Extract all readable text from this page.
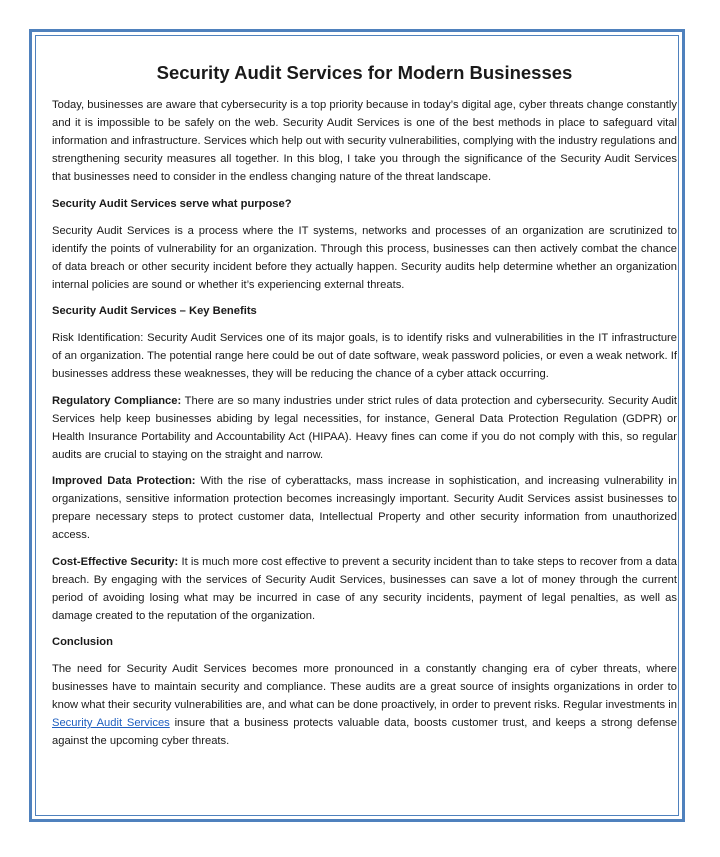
Security Audit Services for Modern Businesses

Today, businesses are aware that cybersecurity is a top priority because in today’s digital age, cyber threats change constantly and it is impossible to be safely on the web. Security Audit Services is one of the best methods in place to safeguard vital information and infrastructure. Services which help out with security vulnerabilities, complying with the industry regulations and strengthening security measures all together. In this blog, I take you through the significance of the Security Audit Services that businesses need to consider in the endless changing nature of the threat landscape.

Security Audit Services serve what purpose?

Security Audit Services is a process where the IT systems, networks and processes of an organization are scrutinized to identify the points of vulnerability for an organization. Through this process, businesses can then actively combat the chance of data breach or other security incident before they actually happen. Security audits help determine whether an organization internal policies are sound or whether it’s experiencing external threats.

Security Audit Services – Key Benefits

Risk Identification: Security Audit Services one of its major goals, is to identify risks and vulnerabilities in the IT infrastructure of an organization. The potential range here could be out of date software, weak password policies, or even a weak network. If businesses address these weaknesses, they will be reducing the chance of a cyber attack occurring.

Regulatory Compliance: There are so many industries under strict rules of data protection and cybersecurity. Security Audit Services help keep businesses abiding by legal necessities, for instance, General Data Protection Regulation (GDPR) or Health Insurance Portability and Accountability Act (HIPAA). Heavy fines can come if you do not comply with this, so regular audits are crucial to staying on the straight and narrow.

Improved Data Protection: With the rise of cyberattacks, mass increase in sophistication, and increasing vulnerability in organizations, sensitive information protection becomes increasingly important. Security Audit Services assist businesses to prepare necessary steps to protect customer data, Intellectual Property and other security information from unauthorized access.

Cost-Effective Security: It is much more cost effective to prevent a security incident than to take steps to recover from a data breach. By engaging with the services of Security Audit Services, businesses can save a lot of money through the current period of avoiding losing what may be incurred in case of any security incidents, payment of legal penalties, as well as damage created to the reputation of the organization.

Conclusion

The need for Security Audit Services becomes more pronounced in a constantly changing era of cyber threats, where businesses have to maintain security and compliance. These audits are a great source of insights organizations in order to know what their security vulnerabilities are, and what can be done proactively, in order to prevent risks. Regular investments in Security Audit Services insure that a business protects valuable data, boosts customer trust, and keeps a strong defense against the upcoming cyber threats.
